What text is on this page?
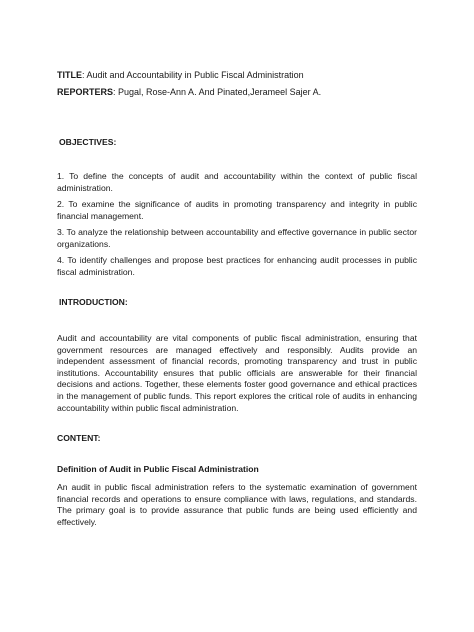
TITLE: Audit and Accountability in Public Fiscal Administration
REPORTERS: Pugal, Rose-Ann A. And Pinated,Jerameel Sajer A.
OBJECTIVES:
1. To define the concepts of audit and accountability within the context of public fiscal administration.
2. To examine the significance of audits in promoting transparency and integrity in public financial management.
3. To analyze the relationship between accountability and effective governance in public sector organizations.
4. To identify challenges and propose best practices for enhancing audit processes in public fiscal administration.
INTRODUCTION:
Audit and accountability are vital components of public fiscal administration, ensuring that government resources are managed effectively and responsibly. Audits provide an independent assessment of financial records, promoting transparency and trust in public institutions. Accountability ensures that public officials are answerable for their financial decisions and actions. Together, these elements foster good governance and ethical practices in the management of public funds. This report explores the critical role of audits in enhancing accountability within public fiscal administration.
CONTENT:
Definition of Audit in Public Fiscal Administration
An audit in public fiscal administration refers to the systematic examination of government financial records and operations to ensure compliance with laws, regulations, and standards. The primary goal is to provide assurance that public funds are being used efficiently and effectively.
